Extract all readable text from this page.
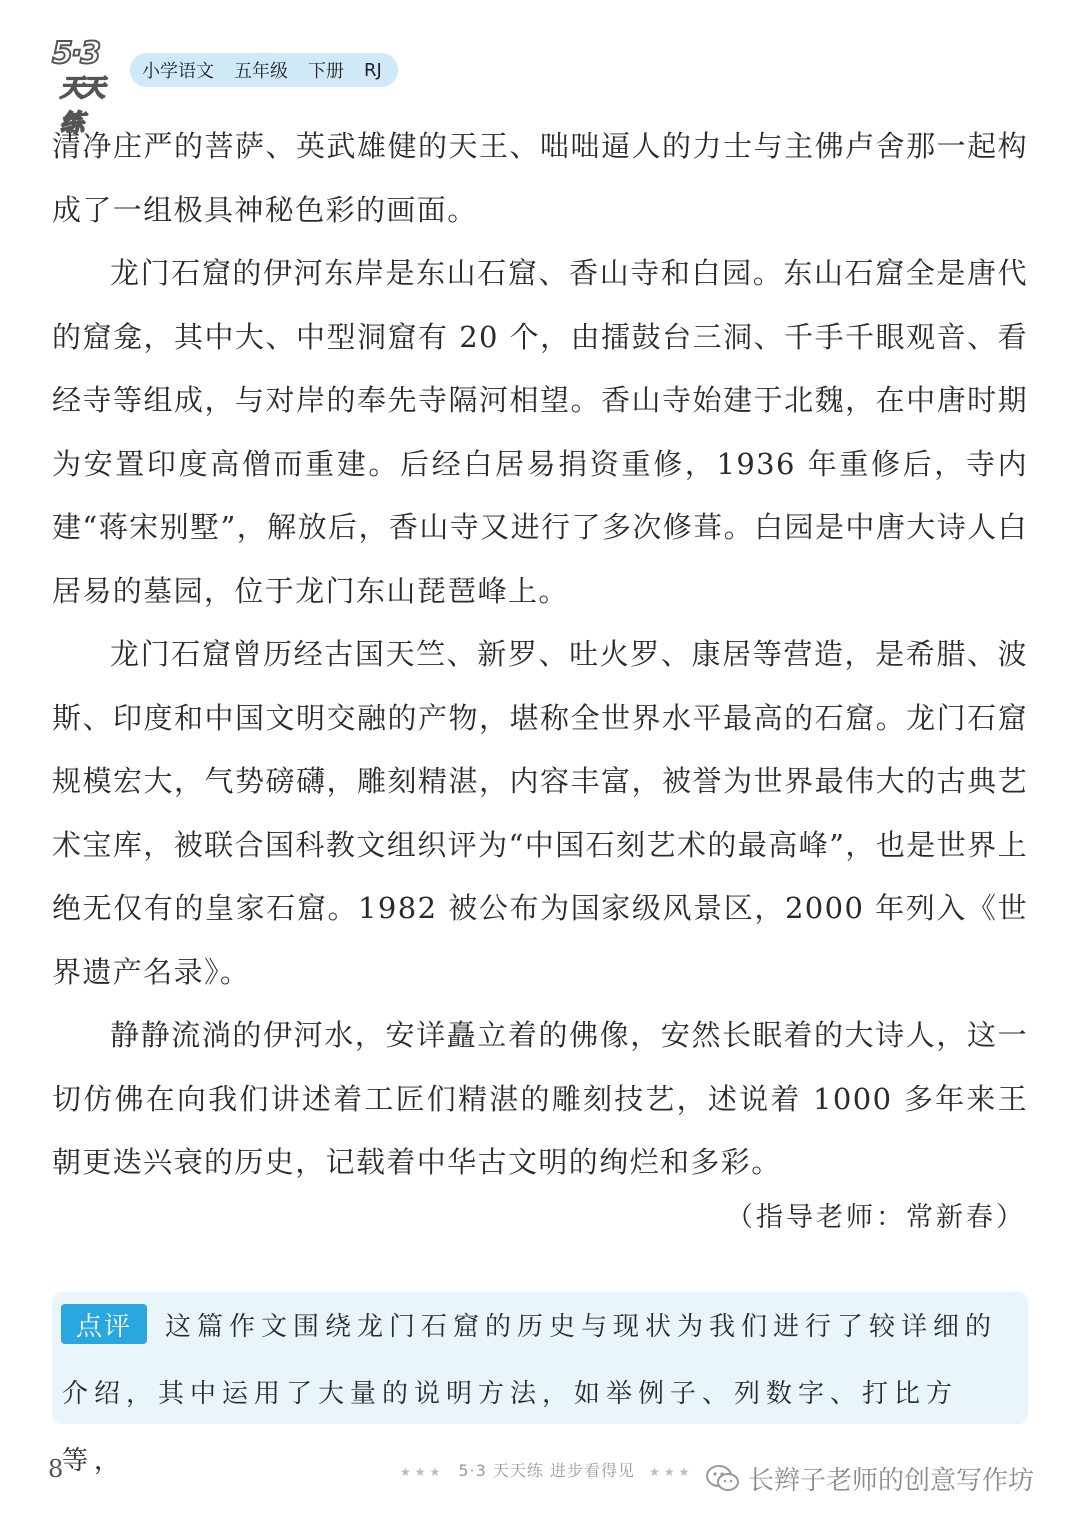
5·3
天天练
小学语文 五年级 下册 RJ

清净庄严的菩萨、英武雄健的天王、咄咄逼人的力士与主佛卢舍那一起构成了一组极具神秘色彩的画面。

龙门石窟的伊河东岸是东山石窟、香山寺和白园。东山石窟全是唐代的窟龛，其中大、中型洞窟有 20 个，由擂鼓台三洞、千手千眼观音、看经寺等组成，与对岸的奉先寺隔河相望。香山寺始建于北魏，在中唐时期为安置印度高僧而重建。后经白居易捐资重修，1936 年重修后，寺内建“蒋宋别墅”，解放后，香山寺又进行了多次修葺。白园是中唐大诗人白居易的墓园，位于龙门东山琵琶峰上。

龙门石窟曾历经古国天竺、新罗、吐火罗、康居等营造，是希腊、波斯、印度和中国文明交融的产物，堪称全世界水平最高的石窟。龙门石窟规模宏大，气势磅礴，雕刻精湛，内容丰富，被誉为世界最伟大的古典艺术宝库，被联合国科教文组织评为“中国石刻艺术的最高峰”，也是世界上绝无仅有的皇家石窟。1982 被公布为国家级风景区，2000 年列入《世界遗产名录》。

静静流淌的伊河水，安详矗立着的佛像，安然长眠着的大诗人，这一切仿佛在向我们讲述着工匠们精湛的雕刻技艺，述说着 1000 多年来王朝更迭兴衰的历史，记载着中华古文明的绚烂和多彩。

（指导老师：常新春）
这篇作文围绕龙门石窟的历史与现状为我们进行了较详细的介绍，其中运用了大量的说明方法，如举例子、列数字、打比方等，
点评
8	★★★ 5·3 天天练 进步看得见 ★★★	长辫子老师的创意写作坊
